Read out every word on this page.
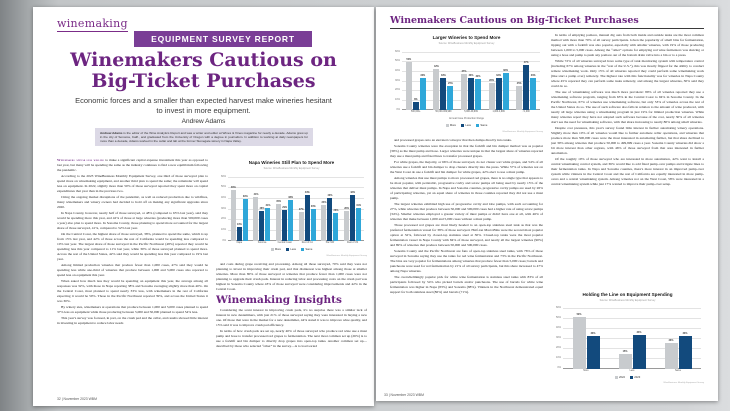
winemaking
EQUIPMENT SURVEY REPORT
Winemakers Cautious on
Big-Ticket Purchases
Economic forces and a smaller than expected harvest make wineries hesitant to invest in more equipment.
Andrew Adams
Andrew Adams is the editor of the Wine Analytics Report and was a writer and editor at Wines & Vines magazine for nearly a decade. Adams grew up in the city of Sonoma, Calif., and graduated from the University of Oregon with a degree in journalism. In addition to working at daily newspapers for more than a decade, Adams worked in the cellar and lab at the former Stonegate winery in Napa Valley.

Winemakers appear less willing to make a significant capital expense investment this year as opposed to last year, but many will be spending the same as the industry continues to find a new equilibrium following the pandemic.

According to the 2023 WineBusiness Monthly Equipment Survey, one third of those surveyed plan to spend more on winemaking equipment, and another third plan to spend the same; the remainder will spend less on equipment. In 2022, slightly more than 50% of those surveyed reported they spent more on capital expenditures that year than in the previous two.

Citing the ongoing market disruptions of the pandemic, as well as reduced production due to wildfires, many winemakers and winery owners had decided to hold off on making any significant upgrades since 2020.

In Napa County, however, nearly half of those surveyed, or 48% (compared to 65% last year), said they would be spending more this year, and 42% of those at large wineries (producing more than 500,000 cases a year) also plan to spend more. In Sonoma County, those planning to spend more accounted for the largest share of those surveyed, 41%, compared to 52% last year.

On the Central Coast, the highest share of those surveyed, 38%, planned to spend the same, which is up from 15% last year, and 42% of those across the rest of California would be spending less compared to 10% last year. The largest share of those surveyed in the Pacific Northwest (48%) reported they would be spending less this year compared to 11% last year, while 30% of those surveyed planned to spend more. Across the rest of the United States, 42% said they would be spending less this year compared to 19% last year.

Among limited production wineries that produce fewer than 1,000 cases, 47% said they would be spending less while one-third of wineries that produce between 1,000 and 5,000 cases also reported to spend less on equipment this year.

When asked how much less they would be spending on equipment this year, the average among all responses was 32%, with those in Napa reporting 38% and Sonoma averaging slightly more than 40%. On the Central Coast, most planned to spend nearly 33% less, with winemakers in the rest of California expecting it would be 50%. Those in the Pacific Northwest reported 39%, and across the United States it was 30%.

By winery size, winemakers at operations that produce between 1,000 and 5,000 cases planned to spend 37% less on equipment while those producing between 5,000 and 50,000 planned to spend 54% less.

This year's survey was focused, in part, on the crush pad and the cellar, and results showed little interest in investing in equipment to reduce labor needs

Napa Wineries Still Plan to Spend More
Source: WineBusiness Monthly Equipment Survey
0%
10%
20%
30%
40%
50%
60%
48%
13%
39%
Napa
41%
28%
31%
Sonoma
35%
29%
38%
Central Coast
27%
43%
30%
Rest of CA
34%
40%
26%
Pac NW
28%
43%
31%
Rest of US
More	Less	Same
WineBusiness Monthly Equipment Survey

and costs during grape receiving and processing. Among all those surveyed, 70% said they were not planning to invest in improving their crush pad, and that disinterest was highest among those at smaller wineries. More than 80% of those surveyed at wineries that produce fewer than 1,000 cases were not planning to upgrade their crush pads. Interest in reducing labor and processing costs on the crush pad was highest in Sonoma County where 43% of those surveyed were considering improvements and 42% in the Central Coast.

Winemaking Insights

Considering the scant interest in improving crush pads, it's no surprise there was a similar lack of interest in new destemmers, with just 21% of those surveyed saying they were interested in buying a new one. Of those that were in the market for a new destemmer, 44% stated it was to improve wine quality, and 15% said it was to improve crush pad efficiency.

In terms of how crush pads are set up, nearly 40% of those surveyed who produce red wine use a must pump and hose to transfer processed red grapes to fermentation. The next most common set up (26%) is to use a forklift and bin dumper to directly drop grapes into open-top tanks. Another common set up—described by those who selected “other” in the survey—is to load sorted

32 | November 2023 WBM
Winemakers Cautious on Big-Ticket Purchases
Larger Wineries to Spend More
Source: WineBusiness Monthly Equipment Survey
0%
10%
20%
30%
40%
50%
60%
50%
8%
33%
500,000+
42%
33%
25%
50,000-499,999
37%
33% 32%
5,000-49,999
28%
33%
38%
1,000-4,999
25%
47%
33%
<1,000
Annual Case Production Range
More	Less	Same
WineBusiness Monthly Equipment Survey

and processed grapes onto an elevated conveyor that then dumps directly into tanks.

Sonoma County wineries were the exception in that the forklift and bin dumper method was as popular (39%) as the must pump and hose. Larger wineries were unique in that the largest share of wineries reported they use a must pump and fixed lines to transfer processed grapes.

For white grapes, the majority, or 66% of those surveyed, do not cluster sort white grapes, and 54% of all wineries use a forklift and bin dumper to drop clusters directly into the press. While 57% of wineries not on the West Coast do use a forklift and bin dumper for white grapes, 42% elect to use a must pump.

Among wineries that use must pumps to move processed red grapes, there is no single type that appears to be most popular, with peristaltic, progressive cavity and screw pumps all being used by nearly 15% of the wineries that deliver must pumps. In Napa and Sonoma counties, progressive cavity pumps are used by 26% of participating wineries, yet an equal share of wineries in those counties reported they did not use a must pump.

The largest wineries exhibited high use of progressive cavity and lobe pumps, with each accounting for 27%, while wineries that produce between 50,000 and 500,000 cases had a higher rate of using screw pumps (34%). Smaller wineries employed a greater variety of must pumps or didn't have one at all, with 46% of wineries that make between 1,000 and 5,000 cases without a must pump.

Those processed red grapes are most likely headed to an open-top stainless steel tank as that was the preferred fermentation vessel for 38% of those surveyed. Half-ton MacroBins were the second most popular option at 32%, followed by closed-top stainless steel at 30%. Closed-top tanks were the most popular fermentation vessel in Napa County with 84% of those surveyed, and nearly all the largest wineries (90%) and 89% of wineries that produce between 50,000 and 500,000 cases.

Sonoma County and the Pacific Northwest are fans of open-top stainless steel tanks, with 76% of those surveyed in Sonoma saying they use the tanks for red wine fermentation and 73% in the Pacific Northwest. The bins are very popular for fermentations among wineries that produce fewer than 5,000 cases; barrels and puncheons were used for red fermentation by 21% of all survey participants, but this share increased to 47% among Napa wineries.

The overwhelmingly popular pick for white wine fermentation is stainless steel tanks with 83% of all participants followed by 54% who picked barrels and/or puncheons. The use of barrels for white wine fermentation was higher in Napa (83%) and Sonoma (88%). Vintners in the Northwest demonstrated equal support for both stainless steel (86%) and barrels (71%).

In terms of emptying pomace, manual dig outs from both inside and outside tanks are the most common method with more than 70% of all survey participants. Given the popularity of small bins for fermentation, tipping out with a forklift was also popular, especially with smaller wineries, with 19% of those producing between 1,000 to 5,000 cases. Among the “other” options for emptying red wine fermenters was sluicing or using a hose and pump to push any pomace out of the bottom drain valve into a bin or to a press.

While 72% of all wineries surveyed have some type of tank monitoring system with temperature control (including 67% among wineries in the “rest of the U.S.”), this was mostly flipped for the ability to conduct remote winemaking work. Only 15% of all wineries reported they could perform some winemaking work (like start a pump over) remotely. The highest rate with this functionality was for wineries in Napa County where 45% reported they can perform some tasks remotely, and among the largest wineries, 30% said they could do so.

The use of winemaking software was much more prevalent: 89% of all wineries reported they use a winemaking software program, ranging from 63% in the Central Coast to 94% in Sonoma County. In the Pacific Northwest, 67% of wineries use winemaking software, but only 53% of wineries across the rest of the United States do so. The use of such software also falls in relation to the amount of wine produced, with nearly all large wineries using a winemaking program in just 19% for limited production wineries. While many wineries report they have not adopted such software because of the cost, nearly 30% of all wineries don't see the need for winemaking software, with that share increasing to nearly 80% among small wineries.

Despite cost pressures, this year's survey found little interest in further automating winery operations. Slightly more than 10% of all wineries would like to further automate cellar operations, and wineries that produce more than 500,000 cases were the most interested in automating further, but that share declined to just 30% among wineries that produce 50,000 to 499,999 cases a year. Sonoma County wineries did show a bit more interest than other regions, with 46% of those surveyed from that area interested in further automation.

Of the roughly 10% of those surveyed who are interested in more automation, 42% want to install a central winemaking control system, and 36% would like to add fixed pump-over pumps and irrigate lines to their fermentation tanks. In Napa and Sonoma counties, there's more interest in an improved pump-over system while vintners in the Central Coast and the rest of California are equally interested in more pump-overs and a central winemaking system. Among wineries not on the West Coast, 58% were interested in a central winemaking system while just 17% wanted to improve their pump-over setup.

Holding the Line on Equipment Spending
Source: WineBusiness Monthly Equipment Survey
0%
10%
20%
30%
40%
50%
60%
52%
33%
More
15%
34%
Less
26%
33%
Same
2022	2023
WineBusiness Monthly Equipment Survey
33 | November 2023 WBM
